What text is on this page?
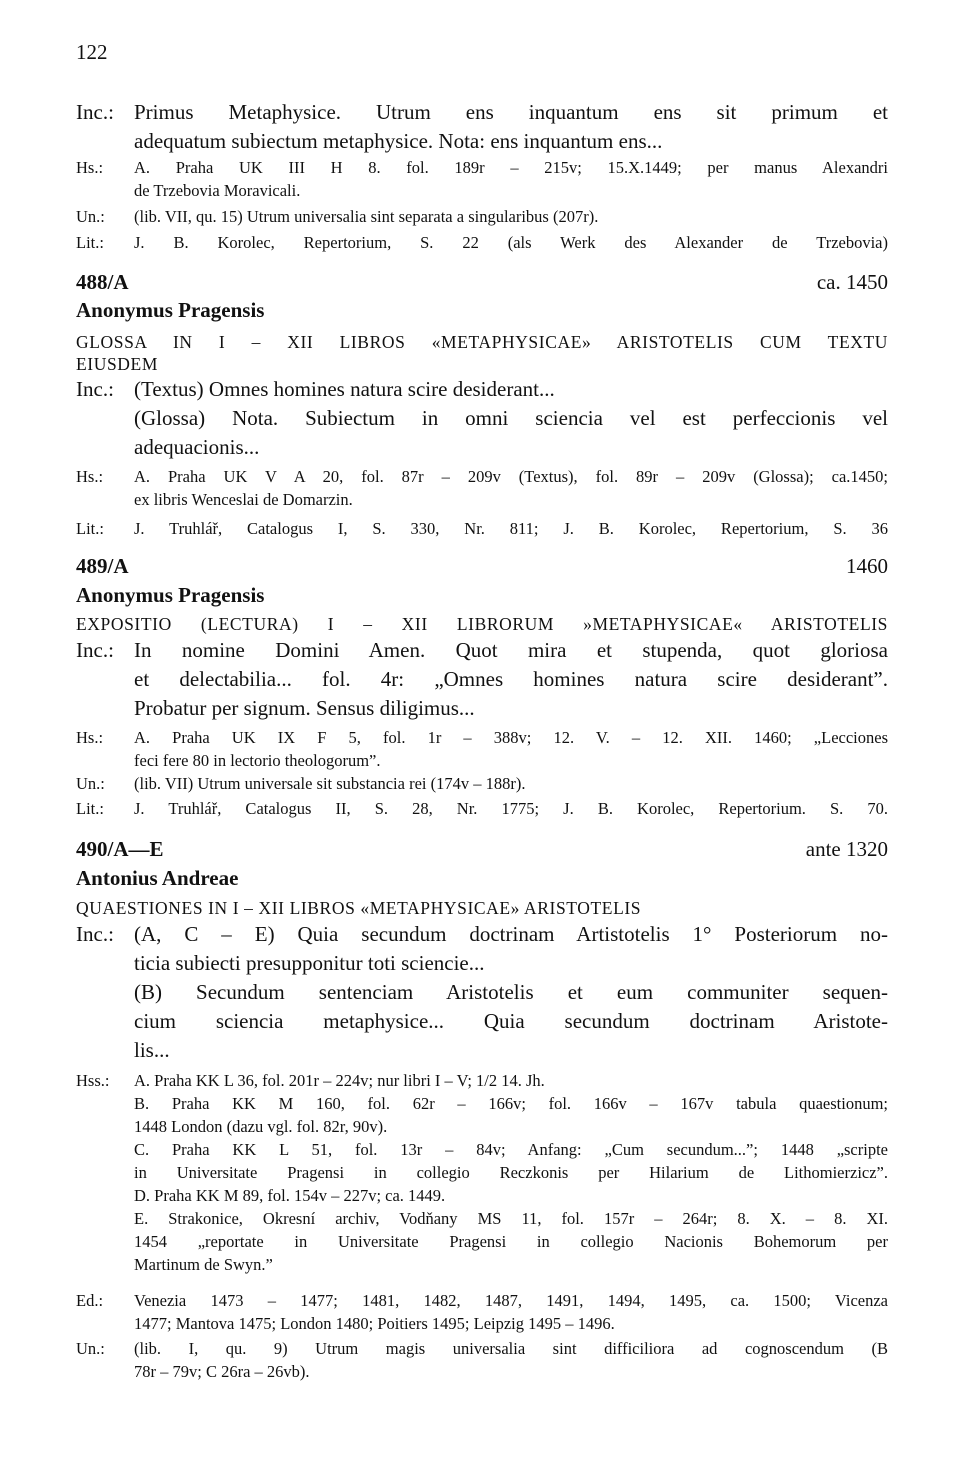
122
Inc.: Primus Metaphysice. Utrum ens inquantum ens sit primum et
adequatum subiectum metaphysice. Nota: ens inquantum ens...
Hs.:	A. Praha UK III H 8. fol. 189r – 215v; 15.X.1449; per manus Alexandri
de Trzebovia Moravicali.
Un.:	(lib. VII, qu. 15) Utrum universalia sint separata a singularibus (207r).
Lit.:	J. B. Korolec, Repertorium, S. 22 (als Werk des Alexander de Trzebovia)
488/A	ca. 1450
Anonymus Pragensis
GLOSSA IN I – XII LIBROS «METAPHYSICAE» ARISTOTELIS CUM TEXTU
EIUSDEM
Inc.: (Textus) Omnes homines natura scire desiderant...
(Glossa) Nota. Subiectum in omni sciencia vel est perfeccionis vel
adequacionis...
Hs.:	A. Praha UK V A 20, fol. 87r – 209v (Textus), fol. 89r – 209v (Glossa); ca.1450;
ex libris Wenceslai de Domarzin.
Lit.:	J. Truhlář, Catalogus I, S. 330, Nr. 811; J. B. Korolec, Repertorium, S. 36
489/A	1460
Anonymus Pragensis
EXPOSITIO (LECTURA) I – XII LIBRORUM »METAPHYSICAE« ARISTOTELIS
Inc.: In nomine Domini Amen. Quot mira et stupenda, quot gloriosa
et delectabilia... fol. 4r: „Omnes homines natura scire desiderant”.
Probatur per signum. Sensus diligimus...
Hs.:	A. Praha UK IX F 5, fol. 1r – 388v; 12. V. – 12. XII. 1460; „Lecciones
feci fere 80 in lectorio theologorum”.
Un.:	(lib. VII) Utrum universale sit substancia rei (174v – 188r).
Lit.:	J. Truhlář, Catalogus II, S. 28, Nr. 1775; J. B. Korolec, Repertorium. S. 70.
490/A—E	ante 1320
Antonius Andreae
QUAESTIONES IN I – XII LIBROS «METAPHYSICAE» ARISTOTELIS
Inc.: (A, C – E) Quia secundum doctrinam Artistotelis 1° Posteriorum no-
ticia subiecti presupponitur toti sciencie...
(B) Secundum sentenciam Aristotelis et eum communiter sequen-
cium sciencia metaphysice... Quia secundum doctrinam Aristote-
lis...
Hss.:	A. Praha KK L 36, fol. 201r – 224v; nur libri I – V; 1/2 14. Jh.
B. Praha KK M 160, fol. 62r – 166v; fol. 166v – 167v tabula quaestionum;
1448 London (dazu vgl. fol. 82r, 90v).
C. Praha KK L 51, fol. 13r – 84v; Anfang: „Cum secundum...”; 1448 „scripte
in Universitate Pragensi in collegio Reczkonis per Hilarium de Lithomierzicz”.
D. Praha KK M 89, fol. 154v – 227v; ca. 1449.
E. Strakonice, Okresní archiv, Vodňany MS 11, fol. 157r – 264r; 8. X. – 8. XI.
1454 „reportate in Universitate Pragensi in collegio Nacionis Bohemorum per
Martinum de Swyn.”
Ed.:	Venezia 1473 – 1477; 1481, 1482, 1487, 1491, 1494, 1495, ca. 1500; Vicenza
1477; Mantova 1475; London 1480; Poitiers 1495; Leipzig 1495 – 1496.
Un.:	(lib. I, qu. 9) Utrum magis universalia sint difficiliora ad cognoscendum (B
78r – 79v; C 26ra – 26vb).
